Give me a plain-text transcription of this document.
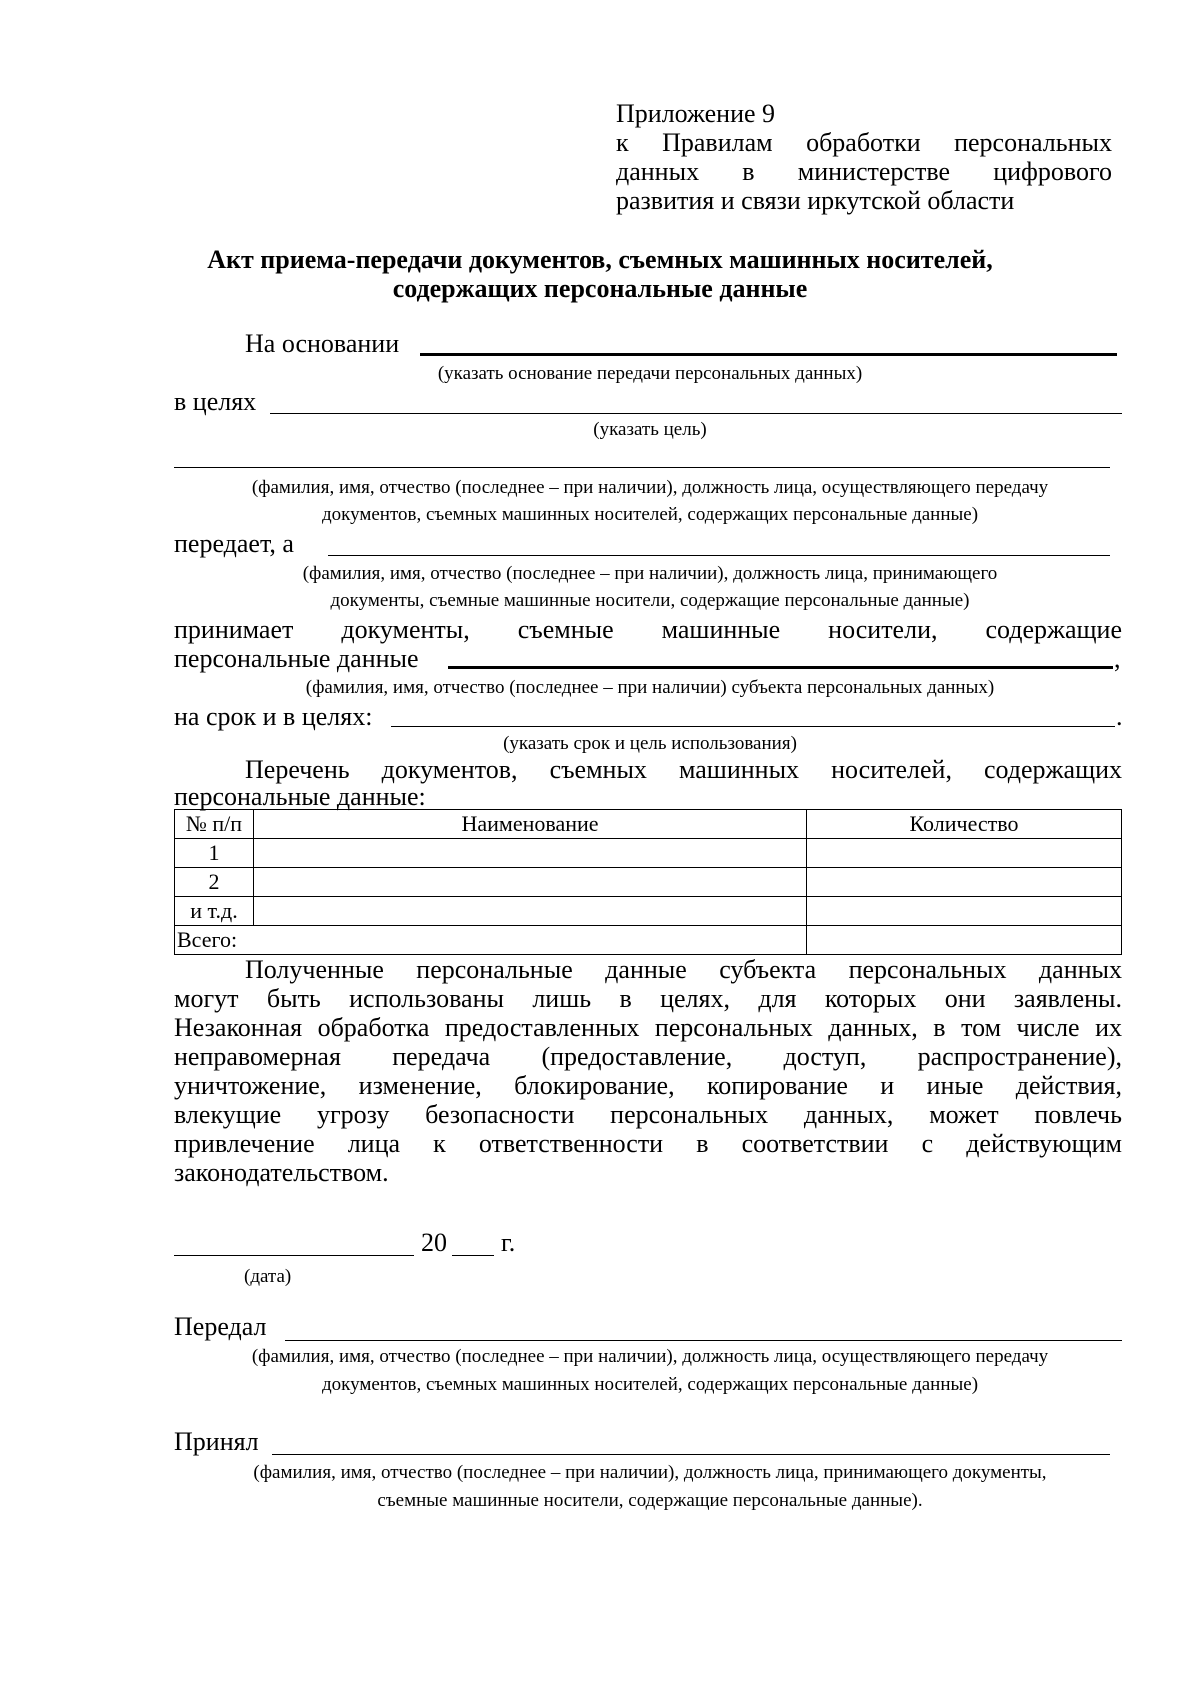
Приложение 9
к Правилам обработки персональных
данных в министерстве цифрового
развития и связи иркутской области
Акт приема-передачи документов, съемных машинных носителей,
содержащих персональные данные
На основании
(указать основание передачи персональных данных)
в целях
(указать цель)
(фамилия, имя, отчество (последнее – при наличии), должность лица, осуществляющего передачу
документов, съемных машинных носителей, содержащих персональные данные)
передает, а
(фамилия, имя, отчество (последнее – при наличии), должность лица, принимающего
документы, съемные машинные носители, содержащие персональные данные)
принимает документы, съемные машинные носители, содержащие
персональные данные	,
(фамилия, имя, отчество (последнее – при наличии) субъекта персональных данных)
на срок и в целях:	.
(указать срок и цель использования)
Перечень документов, съемных машинных носителей, содержащих
персональные данные:
№ п/п	Наименование	Количество
1		
2		
и т.д.		
Всего:		
Полученные персональные данные субъекта персональных данных
могут быть использованы лишь в целях, для которых они заявлены.
Незаконная обработка предоставленных персональных данных, в том числе их
неправомерная передача (предоставление, доступ, распространение),
уничтожение, изменение, блокирование, копирование и иные действия,
влекущие угрозу безопасности персональных данных, может повлечь
привлечение лица к ответственности в соответствии с действующим
законодательством.
20 г.
(дата)
Передал
(фамилия, имя, отчество (последнее – при наличии), должность лица, осуществляющего передачу
документов, съемных машинных носителей, содержащих персональные данные)
Принял
(фамилия, имя, отчество (последнее – при наличии), должность лица, принимающего документы,
съемные машинные носители, содержащие персональные данные).
